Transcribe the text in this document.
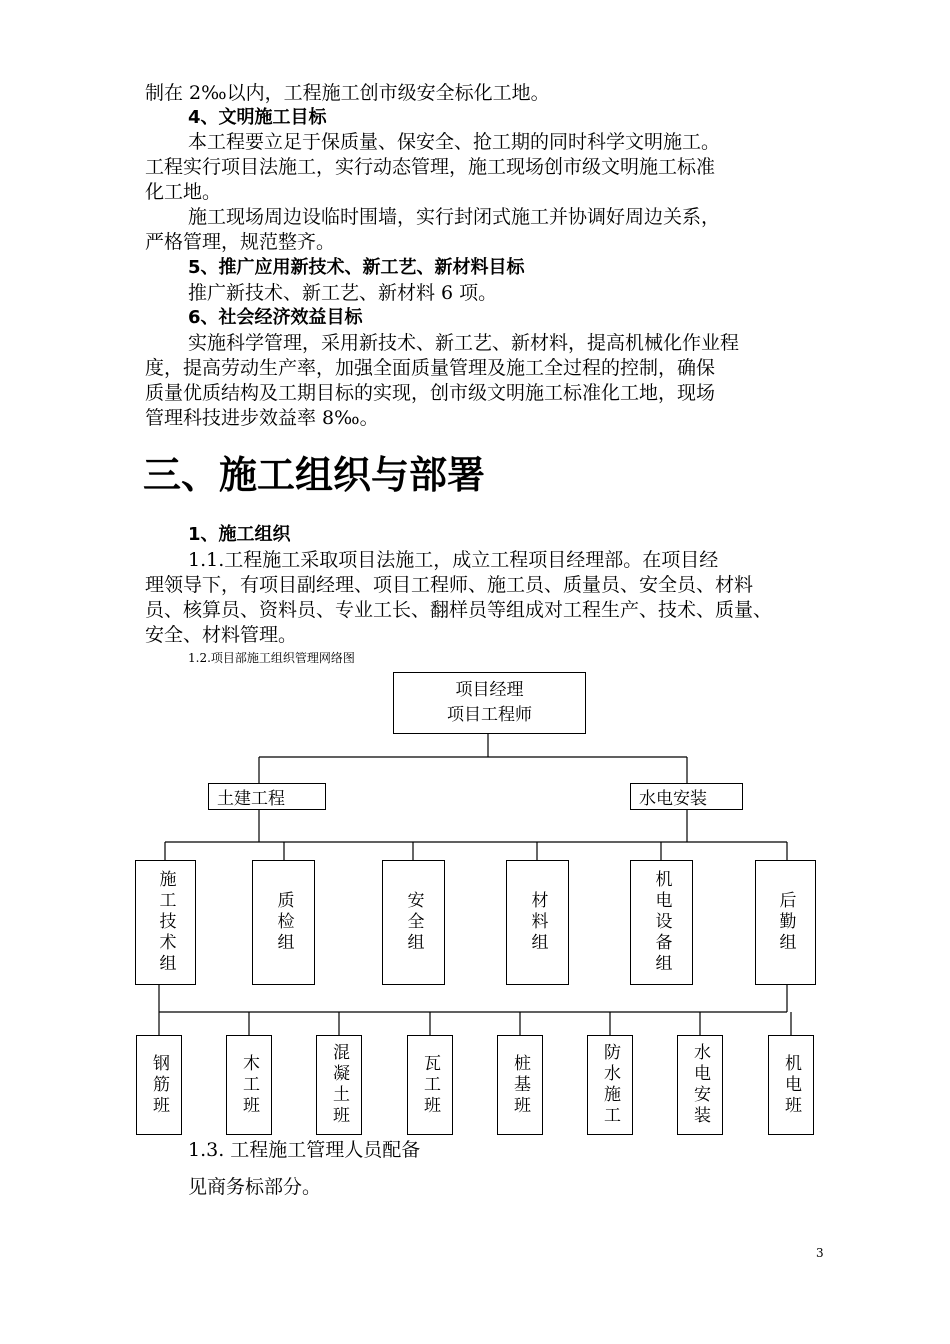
制在 2‰以内，工程施工创市级安全标化工地。
4、文明施工目标
本工程要立足于保质量、保安全、抢工期的同时科学文明施工。
工程实行项目法施工，实行动态管理，施工现场创市级文明施工标准
化工地。
施工现场周边设临时围墙，实行封闭式施工并协调好周边关系，
严格管理，规范整齐。
5、推广应用新技术、新工艺、新材料目标
推广新技术、新工艺、新材料 6 项。
6、社会经济效益目标
实施科学管理，采用新技术、新工艺、新材料，提高机械化作业程
度，提高劳动生产率，加强全面质量管理及施工全过程的控制，确保
质量优质结构及工期目标的实现，创市级文明施工标准化工地，现场
管理科技进步效益率 8‰。
三、施工组织与部署
1、施工组织
1.1.工程施工采取项目法施工，成立工程项目经理部。在项目经
理领导下，有项目副经理、项目工程师、施工员、质量员、安全员、材料
员、核算员、资料员、专业工长、翻样员等组成对工程生产、技术、质量、
安全、材料管理。
1.2.项目部施工组织管理网络图
项目经理
项目工程师
土建工程	水电安装
施工技术组	质检组	安全组	材料组	机电设备组	后勤组
钢筋班	木工班	混凝土班	瓦工班	桩基班	防水施工	水电安装	机电班
1.3. 工程施工管理人员配备
见商务标部分。
3
